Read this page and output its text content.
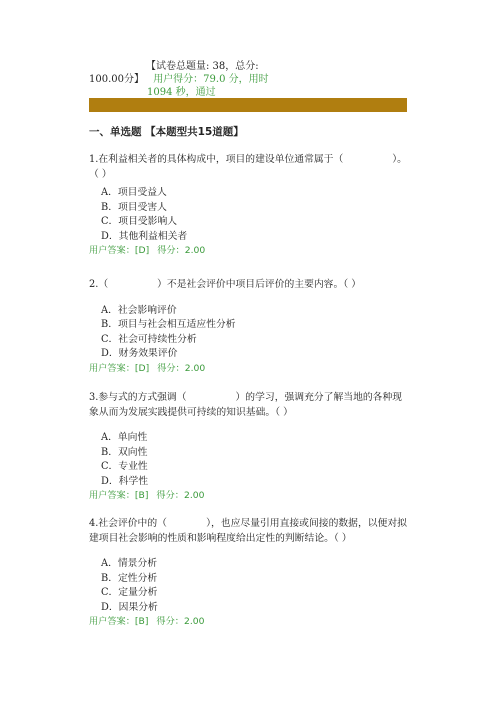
【试卷总题量: 38，总分:
100.00分】 用户得分：79.0 分，用时
1094 秒，通过
一、单选题 【本题型共15道题】
1.在利益相关者的具体构成中，项目的建设单位通常属于（　　　　　）。（ ）
A．项目受益人
B．项目受害人
C．项目受影响人
D．其他利益相关者
用户答案：[D] 得分：2.00
2.（　　　　　）不是社会评价中项目后评价的主要内容。（ ）
A．社会影响评价
B．项目与社会相互适应性分析
C．社会可持续性分析
D．财务效果评价
用户答案：[D] 得分：2.00
3.参与式的方式强调（　　　　　）的学习，强调充分了解当地的各种现象从而为发展实践提供可持续的知识基础。（ ）
A．单向性
B．双向性
C．专业性
D．科学性
用户答案：[B] 得分：2.00
4.社会评价中的（　　　　），也应尽量引用直接或间接的数据，以便对拟建项目社会影响的性质和影响程度给出定性的判断结论。（ ）
A．情景分析
B．定性分析
C．定量分析
D．因果分析
用户答案：[B] 得分：2.00
